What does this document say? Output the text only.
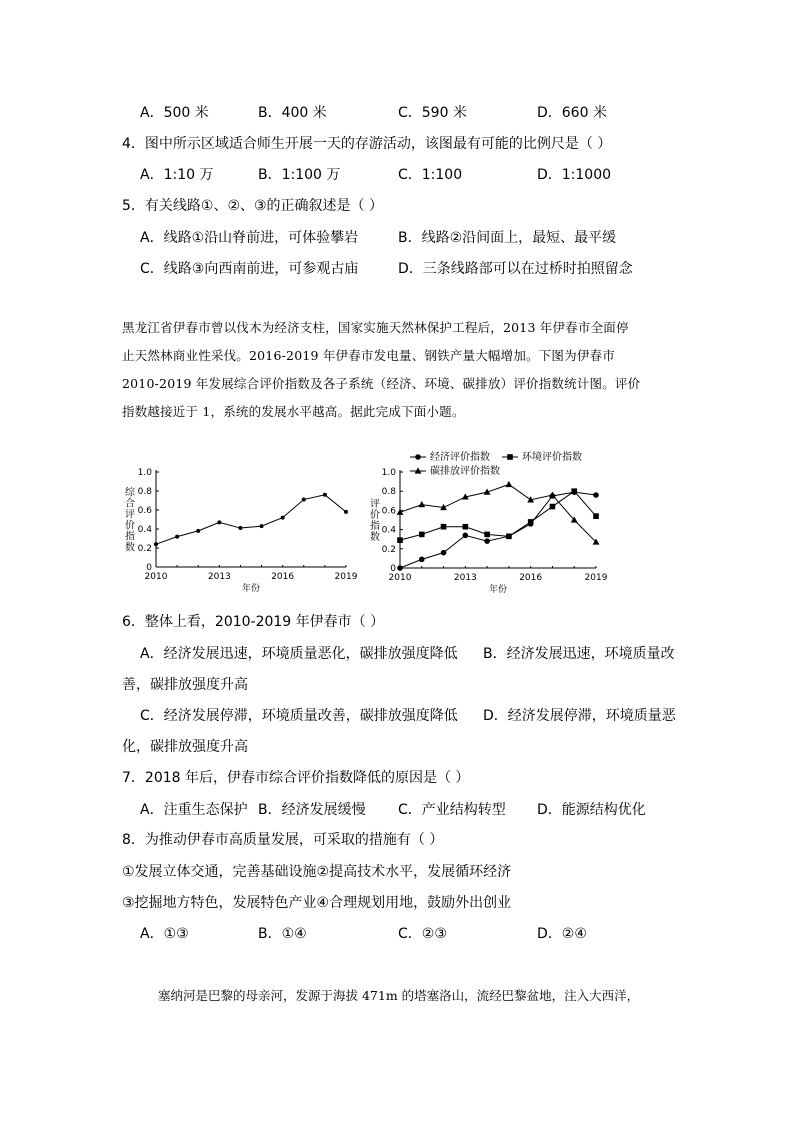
A．500 米	B．400 米	C．590 米	D．660 米
4．图中所示区域适合师生开展一天的存游活动，该图最有可能的比例尺是（ ）
A．1:10 万	B．1:100 万	C．1:100	D．1:1000
5．有关线路①、②、③的正确叙述是（ ）
A．线路①沿山脊前进，可体验攀岩	B．线路②沿间面上，最短、最平缓
C．线路③向西南前进，可参观古庙	D．三条线路部可以在过桥时拍照留念
黑龙江省伊春市曾以伐木为经济支柱，国家实施天然林保护工程后，2013 年伊春市全面停
止天然林商业性采伐。2016-2019 年伊春市发电量、钢铁产量大幅增加。下图为伊春市
2010-2019 年发展综合评价指数及各子系统（经济、环境、碳排放）评价指数统计图。评价
指数越接近于 1，系统的发展水平越高。据此完成下面小题。
0
0.2
0.4
0.6
0.8
1.0
2010	2013	2016	2019
年份
综
合
评
价
指
数
0
0.2
0.4
0.6
0.8
1.0
2010	2013	2016	2019
年份
评
价
指
数
经济评价指数	环境评价指数
碳排放评价指数
6．整体上看，2010-2019 年伊春市（ ）
A．经济发展迅速，环境质量恶化，碳排放强度降低 B．经济发展迅速，环境质量改
善，碳排放强度升高
C．经济发展停滞，环境质量改善，碳排放强度降低 D．经济发展停滞，环境质量恶
化，碳排放强度升高
7．2018 年后，伊春市综合评价指数降低的原因是（ ）
A．注重生态保护 B．经济发展缓慢 C．产业结构转型 D．能源结构优化
8．为推动伊春市高质量发展，可采取的措施有（ ）
①发展立体交通，完善基础设施②提高技术水平，发展循环经济
③挖掘地方特色，发展特色产业④合理规划用地，鼓励外出创业
A．①③	B．①④	C．②③	D．②④
塞纳河是巴黎的母亲河，发源于海拔 471m 的塔塞洛山，流经巴黎盆地，注入大西洋，
